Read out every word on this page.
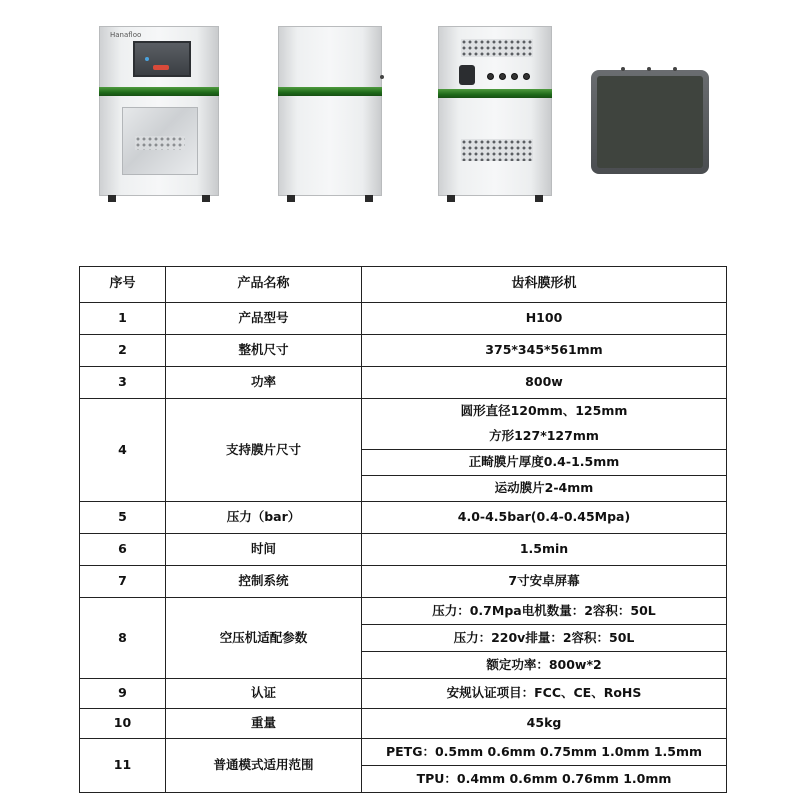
Hanafloo
序号	产品名称	齿科膜形机
1	产品型号	H100
2	整机尺寸	375*345*561mm
3	功率	800w
4	支持膜片尺寸	圆形直径120mm、125mm
		方形127*127mm
		正畸膜片厚度0.4-1.5mm
		运动膜片2-4mm
5	压力（bar）	4.0-4.5bar(0.4-0.45Mpa)
6	时间	1.5min
7	控制系统	7寸安卓屏幕
8	空压机适配参数	压力：0.7Mpa电机数量：2容积：50L
		压力：220v排量：2容积：50L
		额定功率：800w*2
9	认证	安规认证项目：FCC、CE、RoHS
10	重量	45kg
11	普通模式适用范围	PETG：0.5mm 0.6mm 0.75mm 1.0mm 1.5mm
		TPU：0.4mm 0.6mm 0.76mm 1.0mm
